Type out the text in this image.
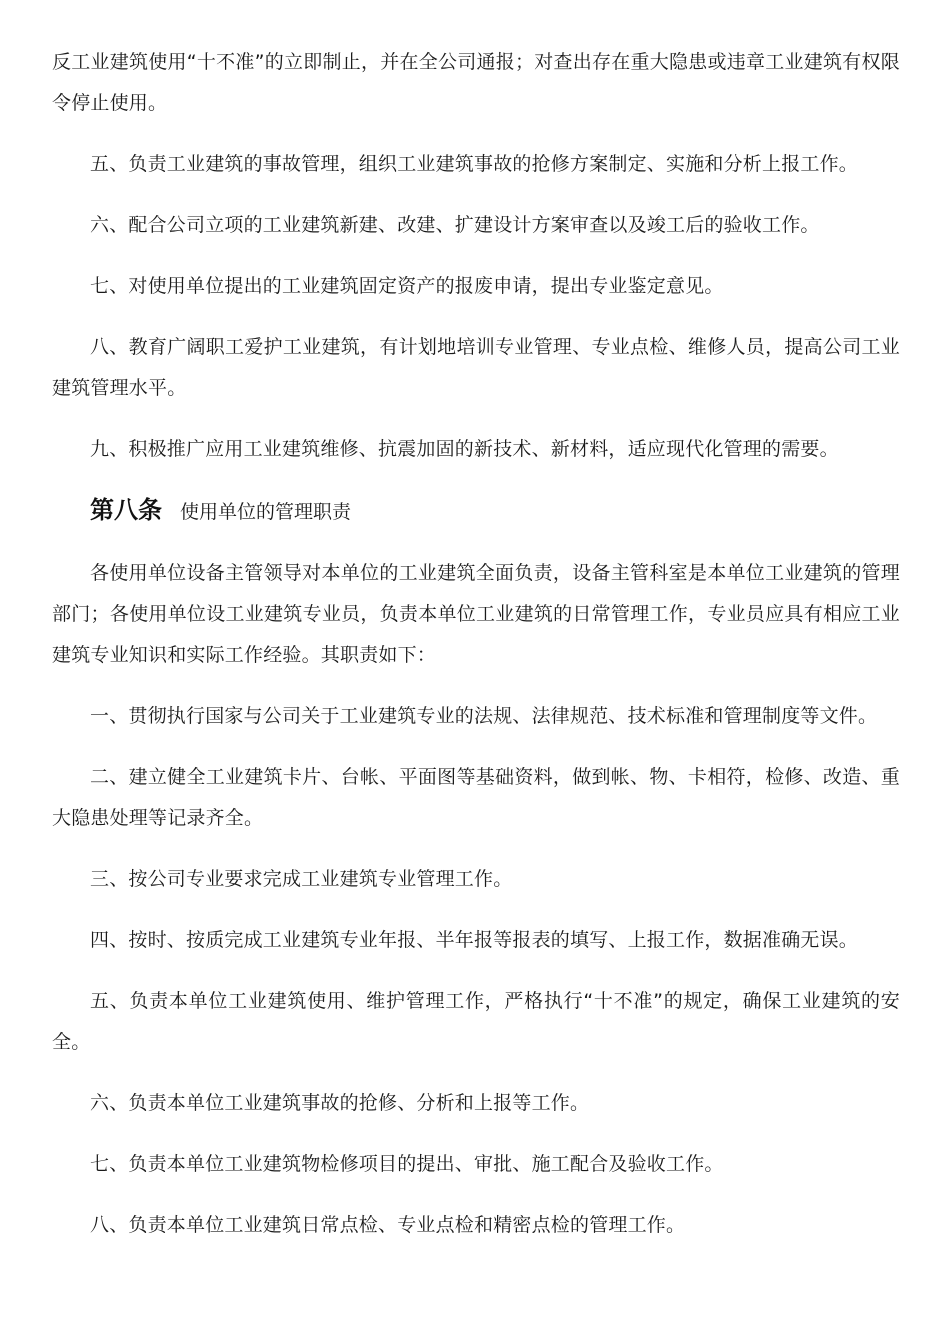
反工业建筑使用“十不准”的立即制止，并在全公司通报；对查出存在重大隐患或违章工业建筑有权限令停止使用。

五、负责工业建筑的事故管理，组织工业建筑事故的抢修方案制定、实施和分析上报工作。

六、配合公司立项的工业建筑新建、改建、扩建设计方案审查以及竣工后的验收工作。

七、对使用单位提出的工业建筑固定资产的报废申请，提出专业鉴定意见。

八、教育广阔职工爱护工业建筑，有计划地培训专业管理、专业点检、维修人员，提高公司工业建筑管理水平。

九、积极推广应用工业建筑维修、抗震加固的新技术、新材料，适应现代化管理的需要。

第八条 使用单位的管理职责

各使用单位设备主管领导对本单位的工业建筑全面负责，设备主管科室是本单位工业建筑的管理部门；各使用单位设工业建筑专业员，负责本单位工业建筑的日常管理工作，专业员应具有相应工业建筑专业知识和实际工作经验。其职责如下：

一、贯彻执行国家与公司关于工业建筑专业的法规、法律规范、技术标准和管理制度等文件。

二、建立健全工业建筑卡片、台帐、平面图等基础资料，做到帐、物、卡相符，检修、改造、重大隐患处理等记录齐全。

三、按公司专业要求完成工业建筑专业管理工作。

四、按时、按质完成工业建筑专业年报、半年报等报表的填写、上报工作，数据准确无误。

五、负责本单位工业建筑使用、维护管理工作，严格执行“十不准”的规定，确保工业建筑的安全。

六、负责本单位工业建筑事故的抢修、分析和上报等工作。

七、负责本单位工业建筑物检修项目的提出、审批、施工配合及验收工作。

八、负责本单位工业建筑日常点检、专业点检和精密点检的管理工作。
